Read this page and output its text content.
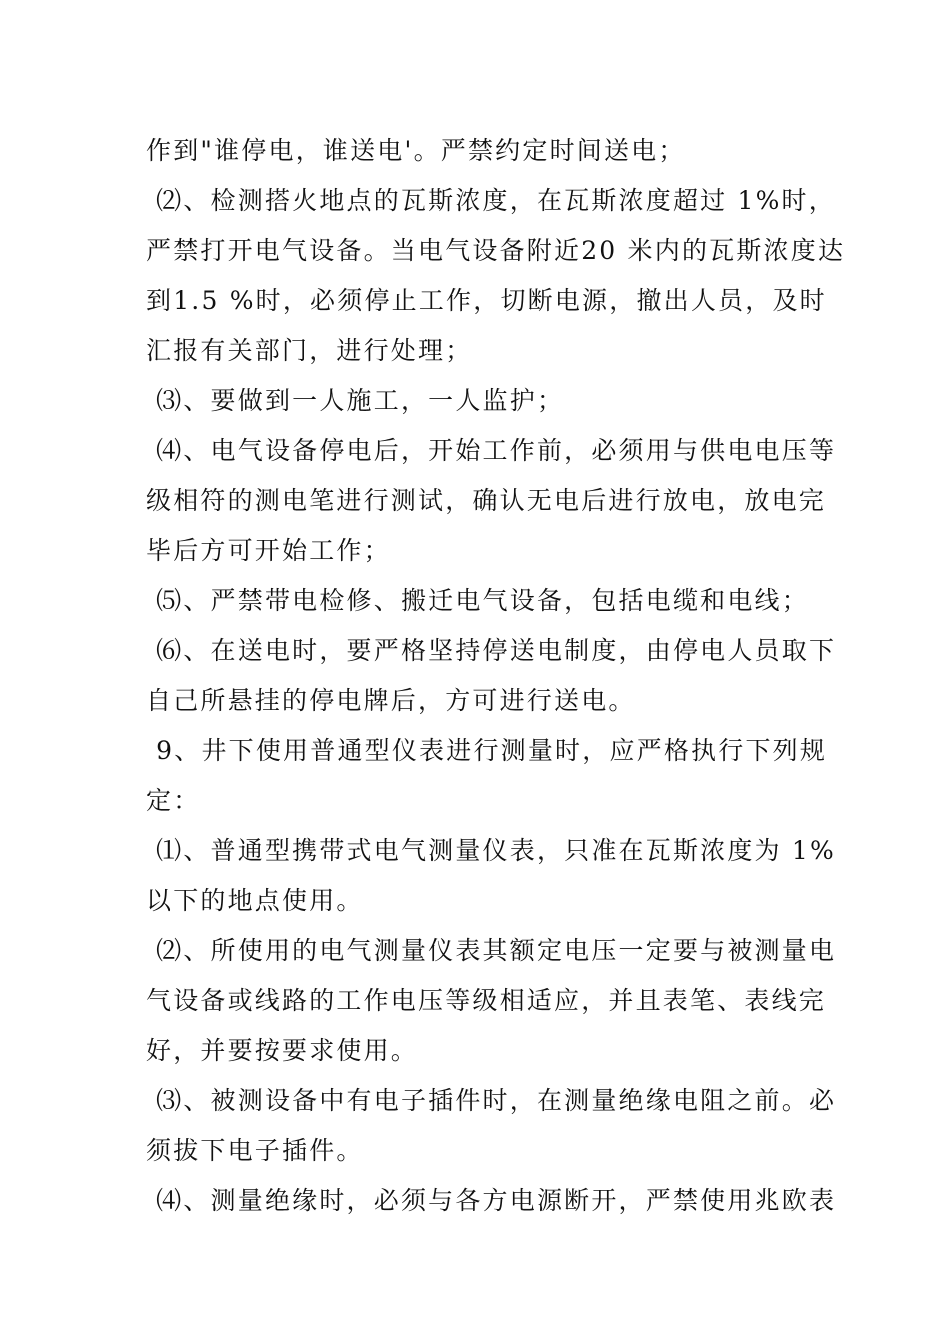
作到"谁停电，谁送电'。严禁约定时间送电；
⑵、检测搭火地点的瓦斯浓度，在瓦斯浓度超过 1%时，
严禁打开电气设备。当电气设备附近20 米内的瓦斯浓度达
到1.5 %时，必须停止工作，切断电源，撤出人员，及时
汇报有关部门，进行处理；
⑶、要做到一人施工，一人监护；
⑷、电气设备停电后，开始工作前，必须用与供电电压等
级相符的测电笔进行测试，确认无电后进行放电，放电完
毕后方可开始工作；
⑸、严禁带电检修、搬迁电气设备，包括电缆和电线；
⑹、在送电时，要严格坚持停送电制度，由停电人员取下
自己所悬挂的停电牌后，方可进行送电。
9、井下使用普通型仪表进行测量时，应严格执行下列规
定：
⑴、普通型携带式电气测量仪表，只准在瓦斯浓度为 1%
以下的地点使用。
⑵、所使用的电气测量仪表其额定电压一定要与被测量电
气设备或线路的工作电压等级相适应，并且表笔、表线完
好，并要按要求使用。
⑶、被测设备中有电子插件时，在测量绝缘电阻之前。必
须拔下电子插件。
⑷、测量绝缘时，必须与各方电源断开，严禁使用兆欧表
